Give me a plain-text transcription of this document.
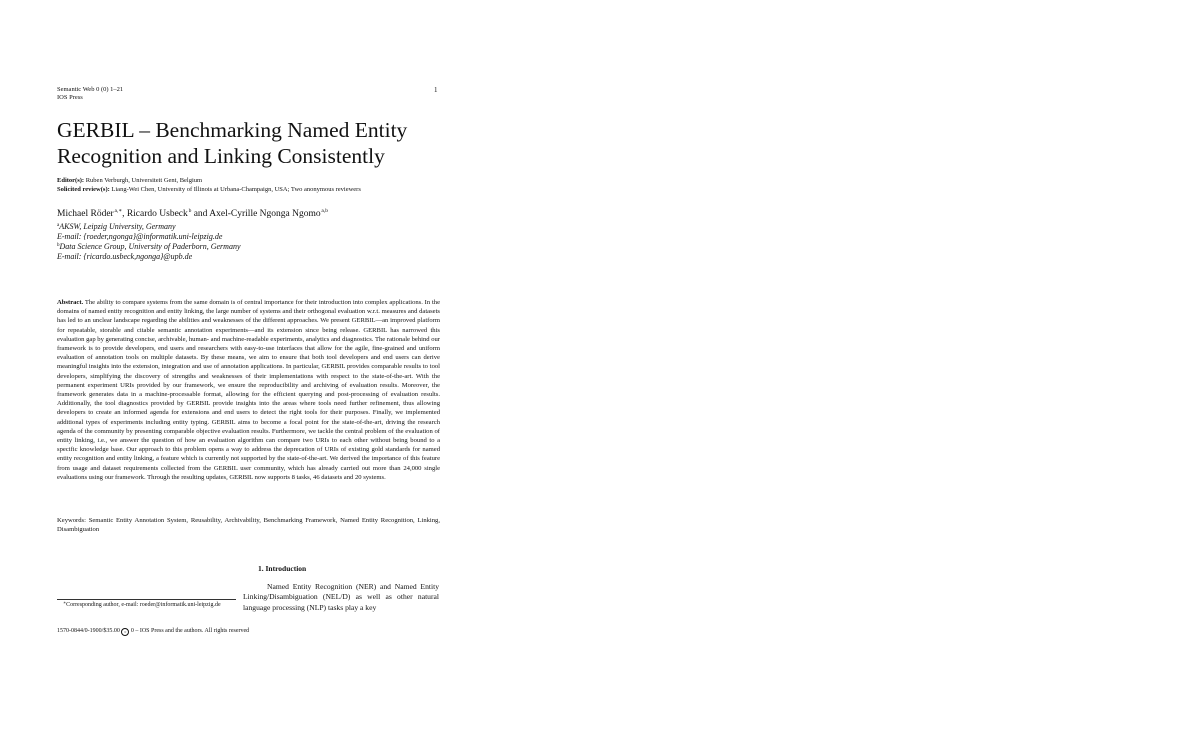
Semantic Web 0 (0) 1–21
IOS Press
1
GERBIL – Benchmarking Named Entity
Recognition and Linking Consistently
Editor(s): Ruben Verburgh, Universiteit Gent, Belgium
Solicited review(s): Liang-Wei Chen, University of Illinois at Urbana-Champaign, USA; Two anonymous reviewers
Michael Röder $^{a,∗}$, Ricardo Usbeck $^b$ and Axel-Cyrille Ngonga Ngomo $^{a,b}$
$^a$AKSW, Leipzig University, Germany
E-mail: {roeder,ngonga}@informatik.uni-leipzig.de
$^b$Data Science Group, University of Paderborn, Germany
E-mail: {ricardo.usbeck,ngonga}@upb.de

Abstract. The ability to compare systems from the same domain is of central importance for their introduction into complex applications. In the domains of named entity recognition and entity linking, the large number of systems and their orthogonal evaluation w.r.t. measures and datasets has led to an unclear landscape regarding the abilities and weaknesses of the different approaches. We present GERBIL—an improved platform for repeatable, storable and citable semantic annotation experiments—and its extension since being release. GERBIL has narrowed this evaluation gap by generating concise, archivable, human- and machine-readable experiments, analytics and diagnostics. The rationale behind our framework is to provide developers, end users and researchers with easy-to-use interfaces that allow for the agile, fine-grained and uniform evaluation of annotation tools on multiple datasets. By these means, we aim to ensure that both tool developers and end users can derive meaningful insights into the extension, integration and use of annotation applications. In particular, GERBIL provides comparable results to tool developers, simplifying the discovery of strengths and weaknesses of their implementations with respect to the state-of-the-art. With the permanent experiment URIs provided by our framework, we ensure the reproducibility and archiving of evaluation results. Moreover, the framework generates data in a machine-processable format, allowing for the efficient querying and post-processing of evaluation results. Additionally, the tool diagnostics provided by GERBIL provide insights into the areas where tools need further refinement, thus allowing developers to create an informed agenda for extensions and end users to detect the right tools for their purposes. Finally, we implemented additional types of experiments including entity typing. GERBIL aims to become a focal point for the state-of-the-art, driving the research agenda of the community by presenting comparable objective evaluation results. Furthermore, we tackle the central problem of the evaluation of entity linking, i.e., we answer the question of how an evaluation algorithm can compare two URIs to each other without being bound to a specific knowledge base. Our approach to this problem opens a way to address the deprecation of URIs of existing gold standards for named entity recognition and entity linking, a feature which is currently not supported by the state-of-the-art. We derived the importance of this feature from usage and dataset requirements collected from the GERBIL user community, which has already carried out more than 24,000 single evaluations using our framework. Through the resulting updates, GERBIL now supports 8 tasks, 46 datasets and 20 systems.

Keywords: Semantic Entity Annotation System, Reusability, Archivability, Benchmarking Framework, Named Entity Recognition, Linking, Disambiguation

1. Introduction

Named Entity Recognition (NER) and Named Entity Linking/Disambiguation (NEL/D) as well as other natural language processing (NLP) tasks play a key

∗Corresponding author, e-mail: roeder@informatik.uni-leipzig.de
1570-0844/0-1900/$35.00 c 0 – IOS Press and the authors. All rights reserved
